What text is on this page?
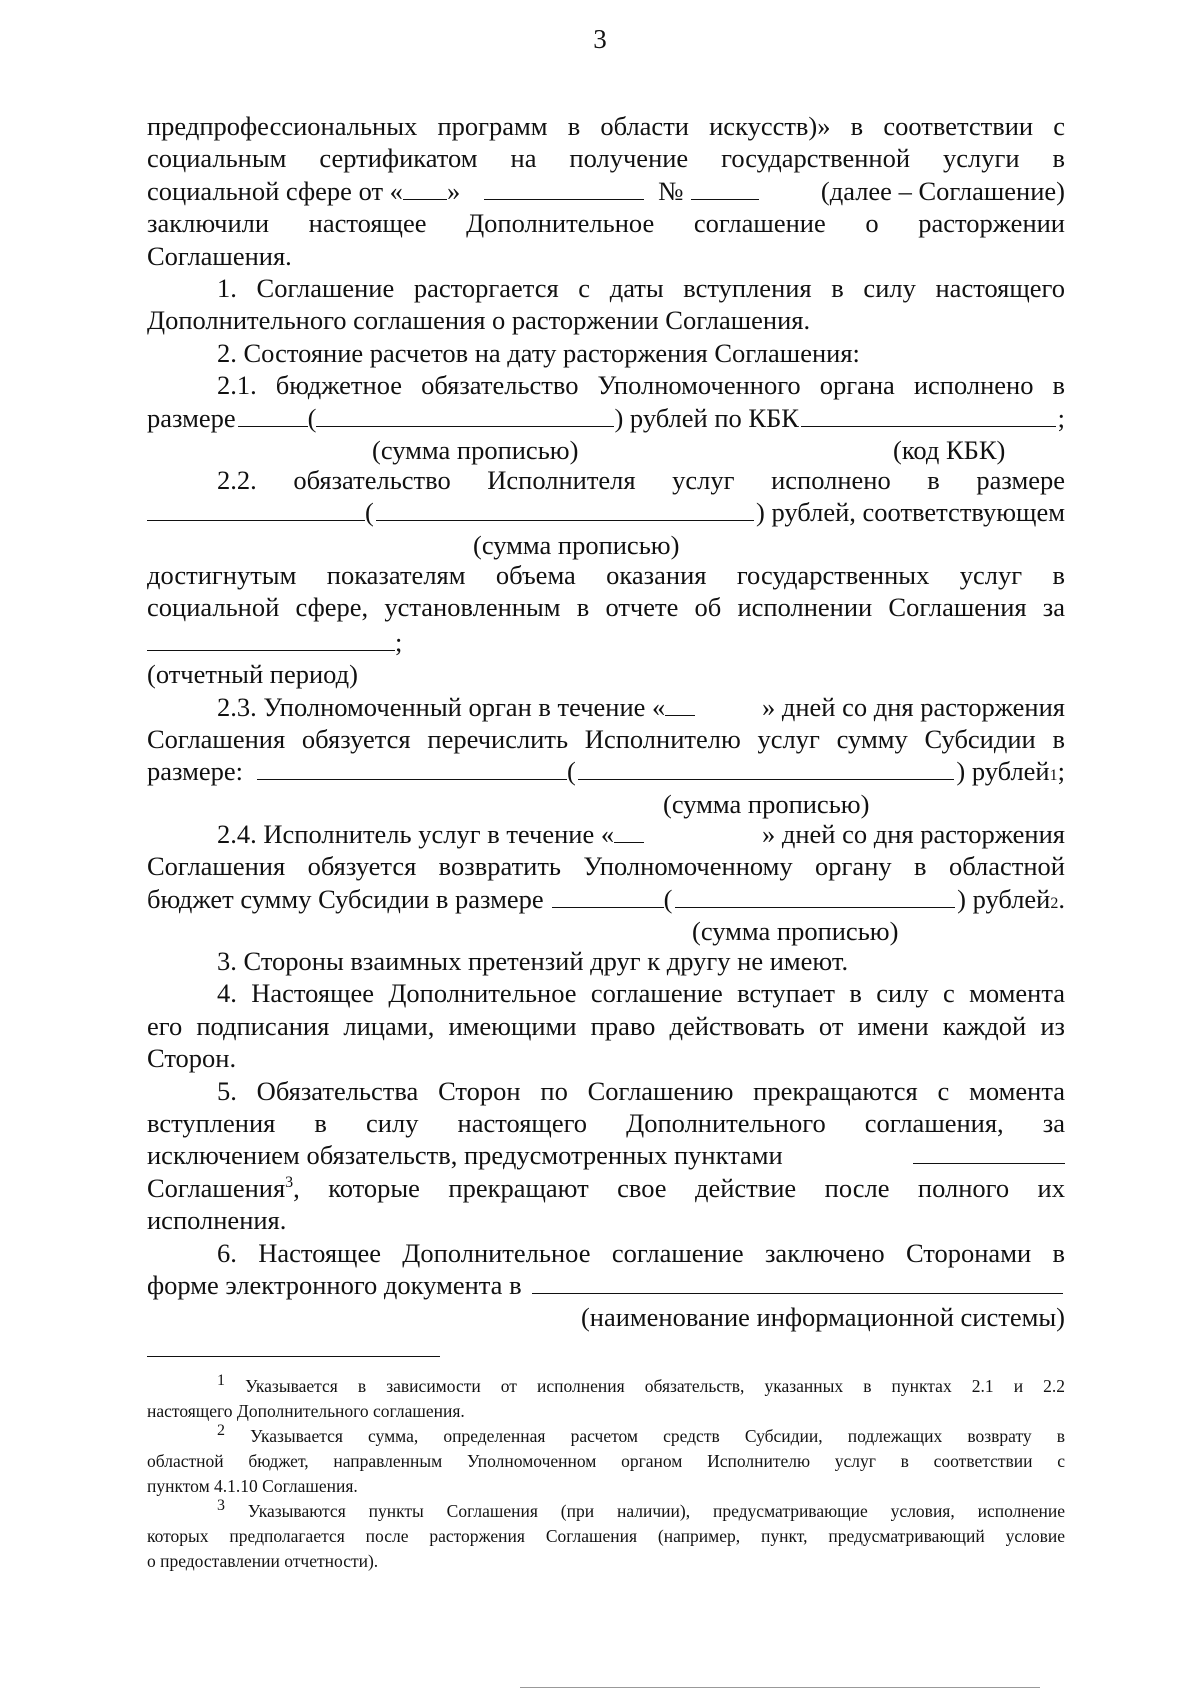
3

предпрофессиональных программ в области искусств)» в соответствии с

социальным сертификатом на получение государственной услуги в

социальной сфере от « »	№	(далее – Соглашение)

заключили настоящее Дополнительное соглашение о расторжении

Соглашения.

1. Соглашение расторгается с даты вступления в силу настоящего

Дополнительного соглашения о расторжении Соглашения.

2. Состояние расчетов на дату расторжения Соглашения:

2.1. бюджетное обязательство Уполномоченного органа исполнено в

размере	(	) рублей по КБК	;

(сумма прописью)	(код КБК)

2.2. обязательство Исполнителя услуг исполнено в размере

(	) рублей, соответствующем

(сумма прописью)

достигнутым показателям объема оказания государственных услуг в

социальной сфере, установленным в отчете об исполнении Соглашения за

;

(отчетный период)

2.3. Уполномоченный орган в течение «	» дней со дня расторжения

Соглашения обязуется перечислить Исполнителю услуг сумму Субсидии в

размере:	(	) рублей 1 ;

(сумма прописью)

2.4. Исполнитель услуг в течение «	» дней со дня расторжения

Соглашения обязуется возвратить Уполномоченному органу в областной

бюджет сумму Субсидии в размере	(	) рублей 2 .

(сумма прописью)

3. Стороны взаимных претензий друг к другу не имеют.

4. Настоящее Дополнительное соглашение вступает в силу с момента

его подписания лицами, имеющими право действовать от имени каждой из

Сторон.

5. Обязательства Сторон по Соглашению прекращаются с момента

вступления в силу настоящего Дополнительного соглашения, за

исключением обязательств, предусмотренных пунктами

Соглашения$^3$, которые прекращают свое действие после полного их

исполнения.

6. Настоящее Дополнительное соглашение заключено Сторонами в

форме электронного документа в

(наименование информационной системы)

$^1$ Указывается в зависимости от исполнения обязательств, указанных в пунктах 2.1 и 2.2

настоящего Дополнительного соглашения.

$^2$ Указывается сумма, определенная расчетом средств Субсидии, подлежащих возврату в

областной бюджет, направленным Уполномоченном органом Исполнителю услуг в соответствии с

пунктом 4.1.10 Соглашения.

$^3$ Указываются пункты Соглашения (при наличии), предусматривающие условия, исполнение

которых предполагается после расторжения Соглашения (например, пункт, предусматривающий условие

о предоставлении отчетности).
